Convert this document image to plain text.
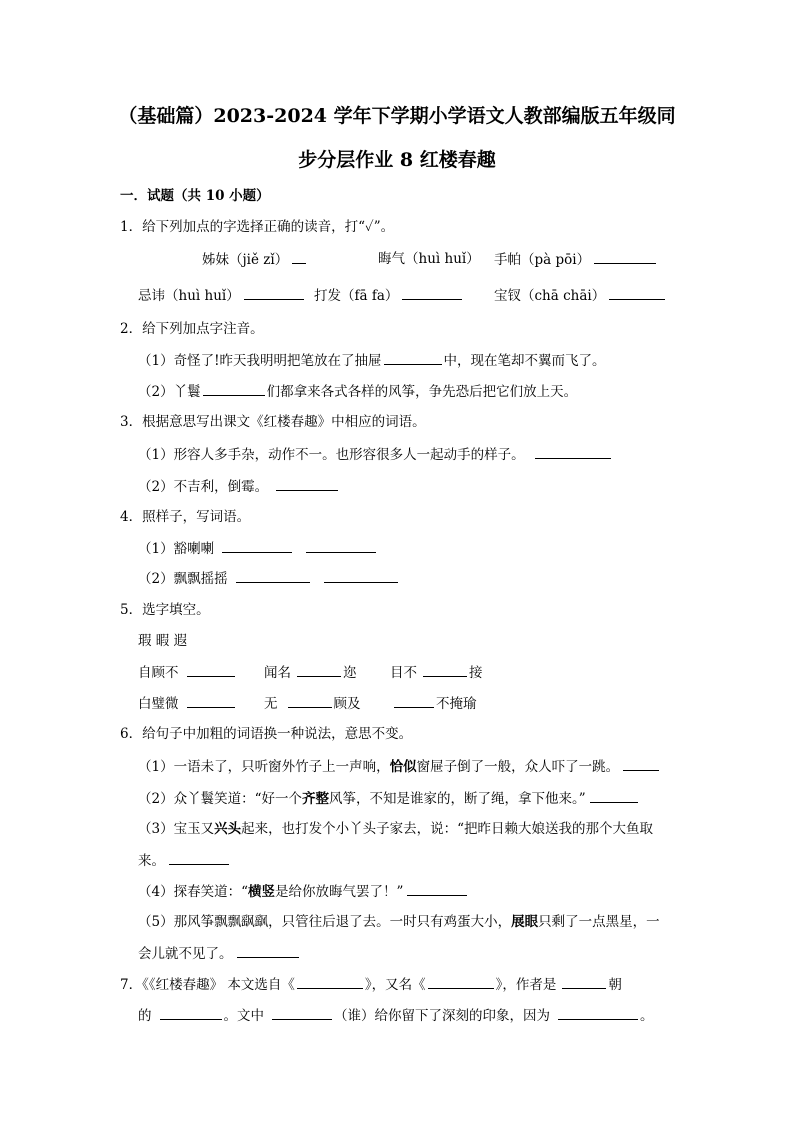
（基础篇）2023-2024 学年下学期小学语文人教部编版五年级同
步分层作业 8 红楼春趣
一．试题（共 10 小题）
1．给下列加点的字选择正确的读音，打“✓”。
姊妹（jiě zǐ）	晦气（huì huǐ） 手帕（pà pōi）
忌讳（huì huǐ）	打发（fā fa）	宝钗（chā chāi）
2．给下列加点字注音。
（1）奇怪了!昨天我明明把笔放在了抽屉	中，现在笔却不翼而飞了。
（2）丫鬟	们都拿来各式各样的风筝，争先恐后把它们放上天。
3．根据意思写出课文《红楼春趣》中相应的词语。
（1）形容人多手杂，动作不一。也形容很多人一起动手的样子。
（2）不吉利，倒霉。
4．照样子，写词语。
（1）豁喇喇
（2）飘飘摇摇
5．选字填空。
瑕 暇 遐
自顾不	闻名	迩 目不	接
白璧微	无	顾及	不掩瑜
6．给句子中加粗的词语换一种说法，意思不变。
（1）一语未了，只听窗外竹子上一声响，恰似窗屉子倒了一般，众人吓了一跳。
（2）众丫鬟笑道：“好一个齐整风筝，不知是谁家的，断了绳，拿下他来。”
（3）宝玉又兴头起来，也打发个小丫头子家去，说：“把昨日赖大娘送我的那个大鱼取
来。
（4）探春笑道：“横竖是给你放晦气罢了！”
（5）那风筝飘飘飖飖，只管往后退了去。一时只有鸡蛋大小，展眼只剩了一点黑星，一
会儿就不见了。
7．《《红楼春趣》 本文选自《	》，又名《	》，作者是	朝
的	。文中	（谁）给你留下了深刻的印象，因为	。
